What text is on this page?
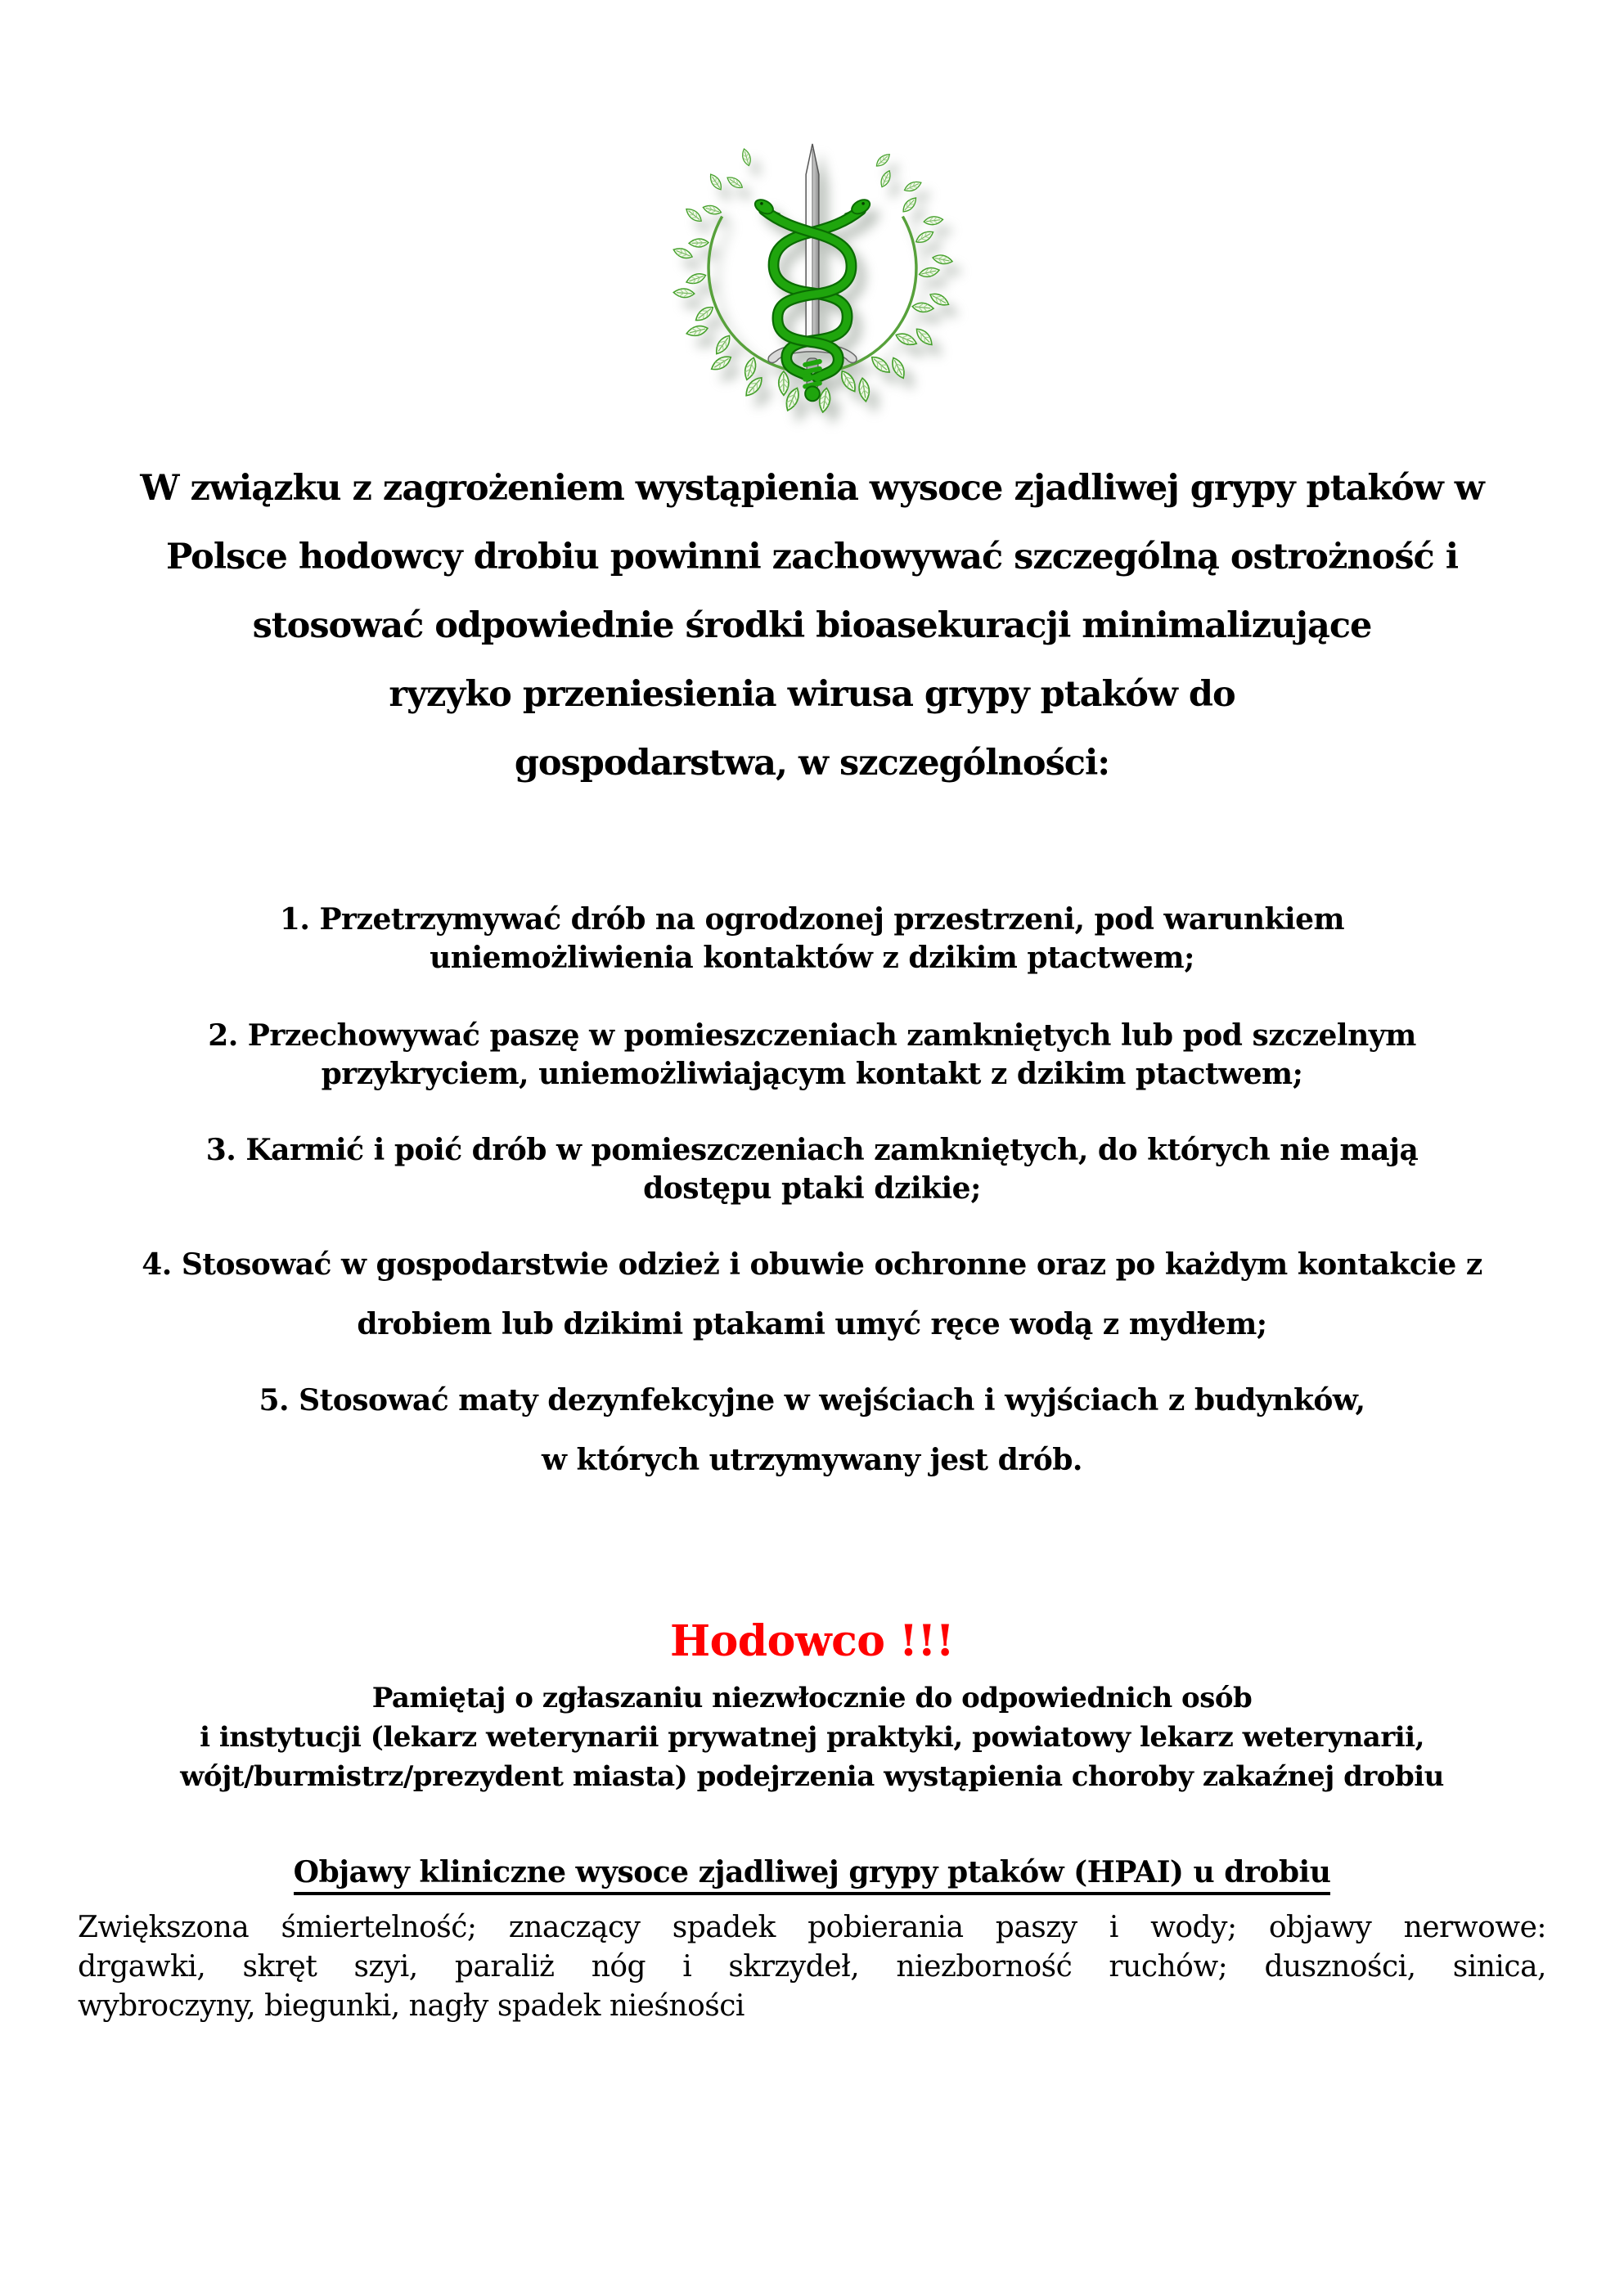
W związku z zagrożeniem wystąpienia wysoce zjadliwej grypy ptaków w
Polsce hodowcy drobiu powinni zachowywać szczególną ostrożność i
stosować odpowiednie środki bioasekuracji minimalizujące
ryzyko przeniesienia wirusa grypy ptaków do
gospodarstwa, w szczególności:
1. Przetrzymywać drób na ogrodzonej przestrzeni, pod warunkiem
uniemożliwienia kontaktów z dzikim ptactwem;
2. Przechowywać paszę w pomieszczeniach zamkniętych lub pod szczelnym
przykryciem, uniemożliwiającym kontakt z dzikim ptactwem;
3. Karmić i poić drób w pomieszczeniach zamkniętych, do których nie mają
dostępu ptaki dzikie;
4. Stosować w gospodarstwie odzież i obuwie ochronne oraz po każdym kontakcie z
drobiem lub dzikimi ptakami umyć ręce wodą z mydłem;
5. Stosować maty dezynfekcyjne w wejściach i wyjściach z budynków,
w których utrzymywany jest drób.
Hodowco !!!
Pamiętaj o zgłaszaniu niezwłocznie do odpowiednich osób
i instytucji (lekarz weterynarii prywatnej praktyki, powiatowy lekarz weterynarii,
wójt/burmistrz/prezydent miasta) podejrzenia wystąpienia choroby zakaźnej drobiu
Objawy kliniczne wysoce zjadliwej grypy ptaków (HPAI) u drobiu
Zwiększona śmiertelność; znaczący spadek pobierania paszy i wody; objawy nerwowe:
drgawki, skręt szyi, paraliż nóg i skrzydeł, niezborność ruchów; duszności, sinica,
wybroczyny, biegunki, nagły spadek nieśności
